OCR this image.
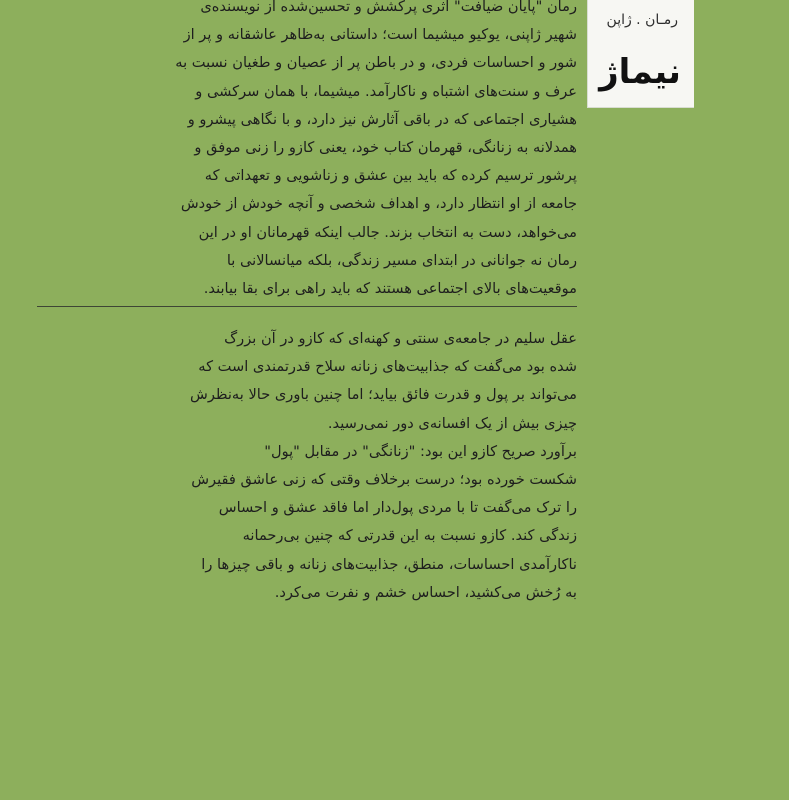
رمان "پایان ضیافت" اثری پرکشش و تحسین‌شده از نویسنده‌ی
شهیر ژاپنی، یوکیو میشیما است؛ داستانی به‌ظاهر عاشقانه و پر از
شور و احساسات فردی، و در باطن پر از عصیان و طغیان نسبت به
عرف و سنت‌های اشتباه و ناکارآمد. میشیما، با همان سرکشی و
هشیاری اجتماعی که در باقی آثارش نیز دارد، و با نگاهی پیشرو و
همدلانه به زنانگی، قهرمان کتاب خود، یعنی کازو را زنی موفق و
پرشور ترسیم کرده که باید بین عشق و زناشویی و تعهداتی که
جامعه از او انتظار دارد، و اهداف شخصی و آنچه خودش از خودش
می‌خواهد، دست به انتخاب بزند. جالب اینکه قهرمانان او در این
رمان نه جوانانی در ابتدای مسیر زندگی، بلکه میانسالانی با
موقعیت‌های بالای اجتماعی هستند که باید راهی برای بقا بیابند.
عقل سلیم در جامعه‌ی سنتی و کهنه‌ای که کازو در آن بزرگ
شده بود می‌گفت که جذابیت‌های زنانه سلاح قدرتمندی است که
می‌تواند بر پول و قدرت فائق بیاید؛ اما چنین باوری حالا به‌نظرش
چیزی بیش از یک افسانه‌ی دور نمی‌رسید.
برآورد صریح کازو این بود: "زنانگی" در مقابل "پول"
شکست خورده بود؛ درست برخلاف وقتی که زنی عاشق فقیرش
را ترک می‌گفت تا با مردی پول‌دار اما فاقد عشق و احساس
زندگی کند. کازو نسبت به این قدرتی که چنین بی‌رحمانه
ناکارآمدی احساسات، منطق، جذابیت‌های زنانه و باقی چیزها را
به رُخش می‌کشید، احساس خشم و نفرت می‌کرد.
رمـان . ژاپن
نیماژ
